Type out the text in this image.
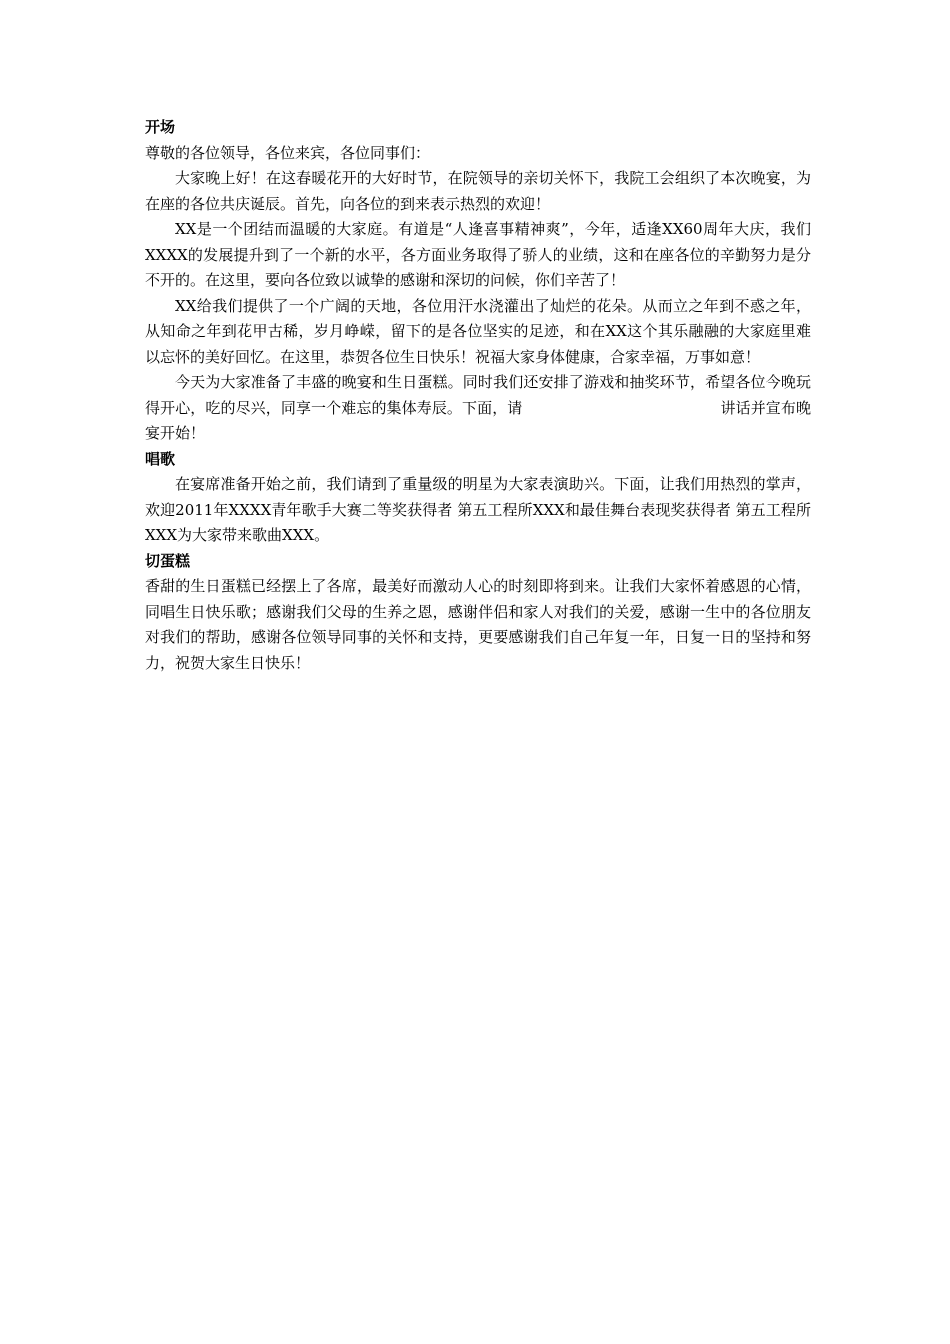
开场

尊敬的各位领导，各位来宾，各位同事们：

大家晚上好！在这春暖花开的大好时节，在院领导的亲切关怀下，我院工会组织了本次晚宴，为在座的各位共庆诞辰。首先，向各位的到来表示热烈的欢迎！

XX是一个团结而温暖的大家庭。有道是“人逢喜事精神爽”，今年，适逢XX60周年大庆，我们XXXX的发展提升到了一个新的水平，各方面业务取得了骄人的业绩，这和在座各位的辛勤努力是分不开的。在这里，要向各位致以诚挚的感谢和深切的问候，你们辛苦了！

XX给我们提供了一个广阔的天地，各位用汗水浇灌出了灿烂的花朵。从而立之年到不惑之年，从知命之年到花甲古稀，岁月峥嵘，留下的是各位坚实的足迹，和在XX这个其乐融融的大家庭里难以忘怀的美好回忆。在这里，恭贺各位生日快乐！祝福大家身体健康，合家幸福，万事如意！

今天为大家准备了丰盛的晚宴和生日蛋糕。同时我们还安排了游戏和抽奖环节，希望各位今晚玩得开心，吃的尽兴，同享一个难忘的集体寿辰。下面，请	讲话并宣布晚宴开始！

唱歌

在宴席准备开始之前，我们请到了重量级的明星为大家表演助兴。下面，让我们用热烈的掌声，欢迎2011年XXXX青年歌手大赛二等奖获得者 第五工程所XXX和最佳舞台表现奖获得者 第五工程所XXX为大家带来歌曲XXX。

切蛋糕

香甜的生日蛋糕已经摆上了各席，最美好而激动人心的时刻即将到来。让我们大家怀着感恩的心情，同唱生日快乐歌；感谢我们父母的生养之恩，感谢伴侣和家人对我们的关爱，感谢一生中的各位朋友对我们的帮助，感谢各位领导同事的关怀和支持，更要感谢我们自己年复一年，日复一日的坚持和努力，祝贺大家生日快乐！
